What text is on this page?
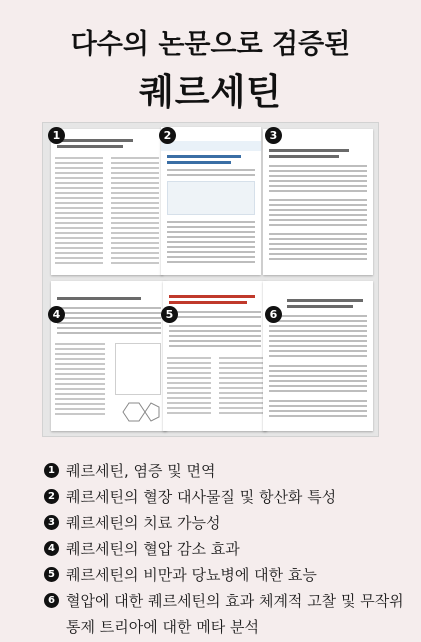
다수의 논문으로 검증된
퀘르세틴
1	2	3
4	5	6
1 퀘르세틴, 염증 및 면역
2 퀘르세틴의 혈장 대사물질 및 항산화 특성
3 퀘르세틴의 치료 가능성
4 퀘르세틴의 혈압 감소 효과
5 퀘르세틴의 비만과 당뇨병에 대한 효능
6 혈압에 대한 퀘르세틴의 효과 체계적 고찰 및 무작위 통제 트리아에 대한 메타 분석
